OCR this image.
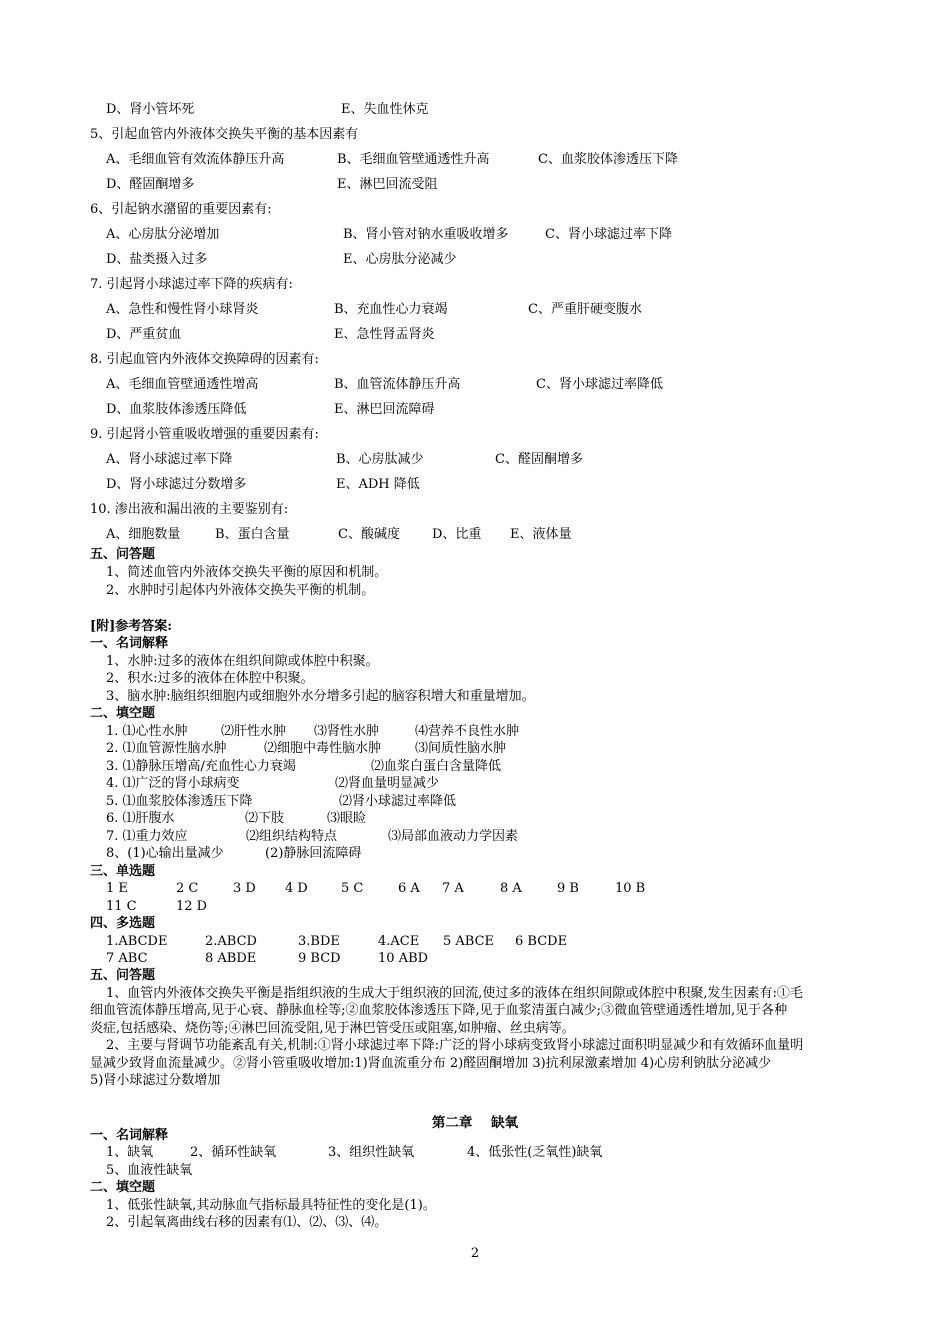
D、肾小管坏死	E、失血性休克
5、引起血管内外液体交换失平衡的基本因素有
A、毛细血管有效流体静压升高	B、毛细血管壁通透性升高	C、血浆胶体渗透压下降
D、醛固酮增多	E、淋巴回流受阻
6、引起钠水潴留的重要因素有:
A、心房肽分泌增加	B、肾小管对钠水重吸收增多	C、肾小球滤过率下降
D、盐类摄入过多	E、心房肽分泌减少
7. 引起肾小球滤过率下降的疾病有:
A、急性和慢性肾小球肾炎	B、充血性心力衰竭	C、严重肝硬变腹水
D、严重贫血	E、急性肾盂肾炎
8. 引起血管内外液体交换障碍的因素有:
A、毛细血管壁通透性增高	B、血管流体静压升高	C、肾小球滤过率降低
D、血浆肢体渗透压降低	E、淋巴回流障碍
9. 引起肾小管重吸收增强的重要因素有:
A、肾小球滤过率下降	B、心房肽减少	C、醛固酮增多
D、肾小球滤过分数增多	E、ADH 降低
10. 渗出液和漏出液的主要鉴别有:
A、细胞数量	B、蛋白含量	C、酸碱度 D、比重 E、液体量
五、问答题
1、简述血管内外液体交换失平衡的原因和机制。
2、水肿时引起体内外液体交换失平衡的机制。
[附]参考答案:
一、名词解释
1、水肿:过多的液体在组织间隙或体腔中积聚。
2、积水:过多的液体在体腔中积聚。
3、脑水肿:脑组织细胞内或细胞外水分增多引起的脑容积增大和重量增加。
二、填空题
1. ⑴心性水肿	⑵肝性水肿 ⑶肾性水肿	⑷营养不良性水肿
2. ⑴血管源性脑水肿	⑵细胞中毒性脑水肿	⑶间质性脑水肿
3. ⑴静脉压增高/充血性心力衰竭	⑵血浆白蛋白含量降低
4. ⑴广泛的肾小球病变	⑵肾血量明显减少
5. ⑴血浆胶体渗透压下降	⑵肾小球滤过率降低
6. ⑴肝腹水	⑵下肢	⑶眼睑
7. ⑴重力效应	⑵组织结构特点	⑶局部血液动力学因素
8、(1)心输出量减少	(2)静脉回流障碍
三、单选题
1 E	2 C	3 D 4 D	5 C	6 A 7 A	8 A	9 B	10 B
11 C	12 D
四、多选题
1.ABCDE	2.ABCD	3.BDE	4.ACE 5 ABCE 6 BCDE
7 ABC	8 ABDE	9 BCD	10 ABD
五、问答题
1、血管内外液体交换失平衡是指组织液的生成大于组织液的回流,使过多的液体在组织间隙或体腔中积聚,发生因素有:①毛
细血管流体静压增高,见于心衰、静脉血栓等;②血浆胶体渗透压下降,见于血浆清蛋白减少;③微血管壁通透性增加,见于各种
炎症,包括感染、烧伤等;④淋巴回流受阻,见于淋巴管受压或阻塞,如肿瘤、丝虫病等。
2、主要与肾调节功能紊乱有关,机制:①肾小球滤过率下降:广泛的肾小球病变致肾小球滤过面积明显减少和有效循环血量明
显减少致肾血流量减少。②肾小管重吸收增加:1)肾血流重分布 2)醛固酮增加 3)抗利尿激素增加 4)心房利钠肽分泌减少
5)肾小球滤过分数增加
第二章    缺氧
一、名词解释
1、缺氧	2、循环性缺氧	3、组织性缺氧	4、低张性(乏氧性)缺氧
5、血液性缺氧
二、填空题
1、低张性缺氧,其动脉血气指标最具特征性的变化是(1)。
2、引起氧离曲线右移的因素有⑴、⑵、⑶、⑷。
2
